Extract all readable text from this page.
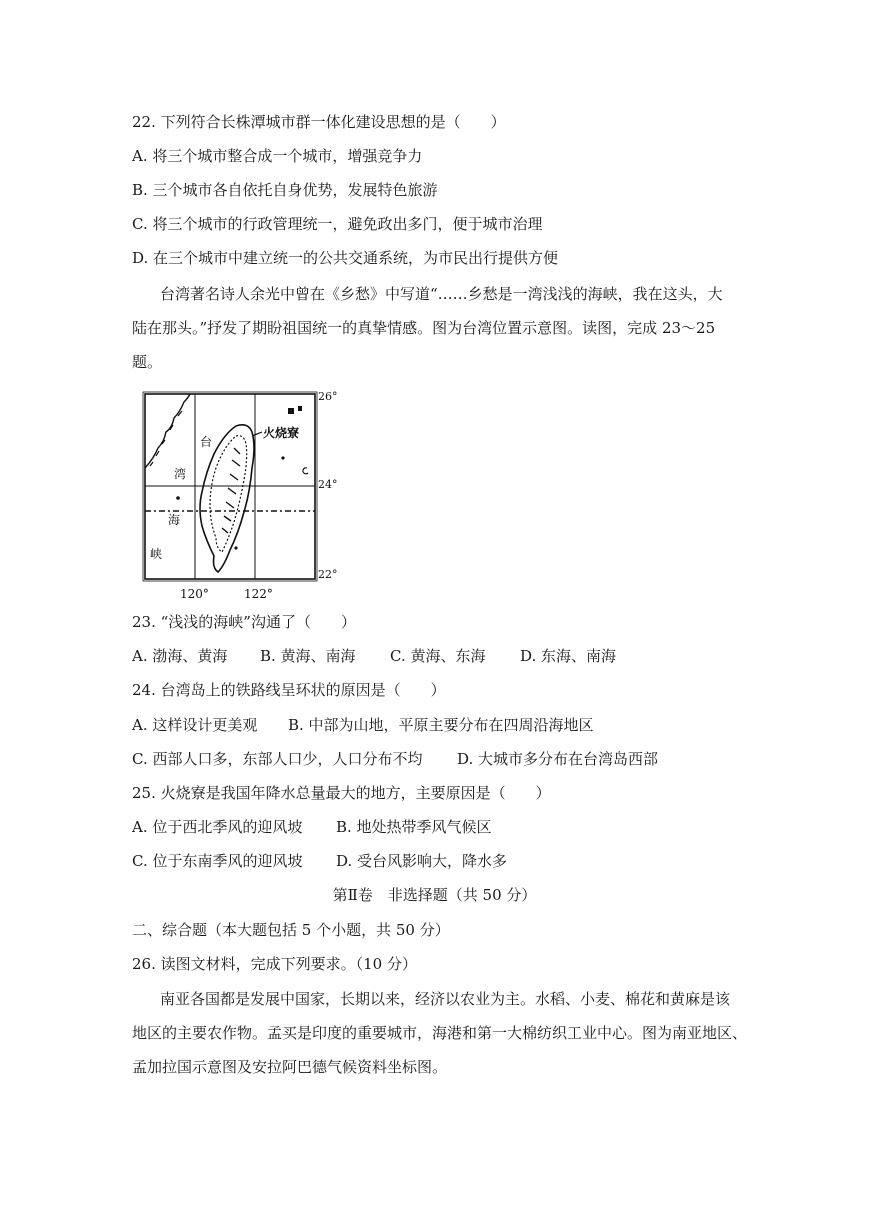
22. 下列符合长株潭城市群一体化建设思想的是（　　）
A. 将三个城市整合成一个城市，增强竞争力
B. 三个城市各自依托自身优势，发展特色旅游
C. 将三个城市的行政管理统一，避免政出多门，便于城市治理
D. 在三个城市中建立统一的公共交通系统，为市民出行提供方便
台湾著名诗人余光中曾在《乡愁》中写道“……乡愁是一湾浅浅的海峡，我在这头，大
陆在那头。”抒发了期盼祖国统一的真挚情感。图为台湾位置示意图。读图，完成 23～25
题。
火烧寮
台
湾
海
峡
26°
24°
22°
120°	122°
23. “浅浅的海峡”沟通了（　　）
A. 渤海、黄海 B. 黄海、南海 C. 黄海、东海 D. 东海、南海
24. 台湾岛上的铁路线呈环状的原因是（　　）
A. 这样设计更美观 B. 中部为山地，平原主要分布在四周沿海地区
C. 西部人口多，东部人口少，人口分布不均 D. 大城市多分布在台湾岛西部
25. 火烧寮是我国年降水总量最大的地方，主要原因是（　　）
A. 位于西北季风的迎风坡 B. 地处热带季风气候区
C. 位于东南季风的迎风坡 D. 受台风影响大，降水多
第Ⅱ卷　非选择题（共 50 分）
二、综合题（本大题包括 5 个小题，共 50 分）
26. 读图文材料，完成下列要求。（10 分）
南亚各国都是发展中国家，长期以来，经济以农业为主。水稻、小麦、棉花和黄麻是该
地区的主要农作物。孟买是印度的重要城市，海港和第一大棉纺织工业中心。图为南亚地区、
孟加拉国示意图及安拉阿巴德气候资料坐标图。
